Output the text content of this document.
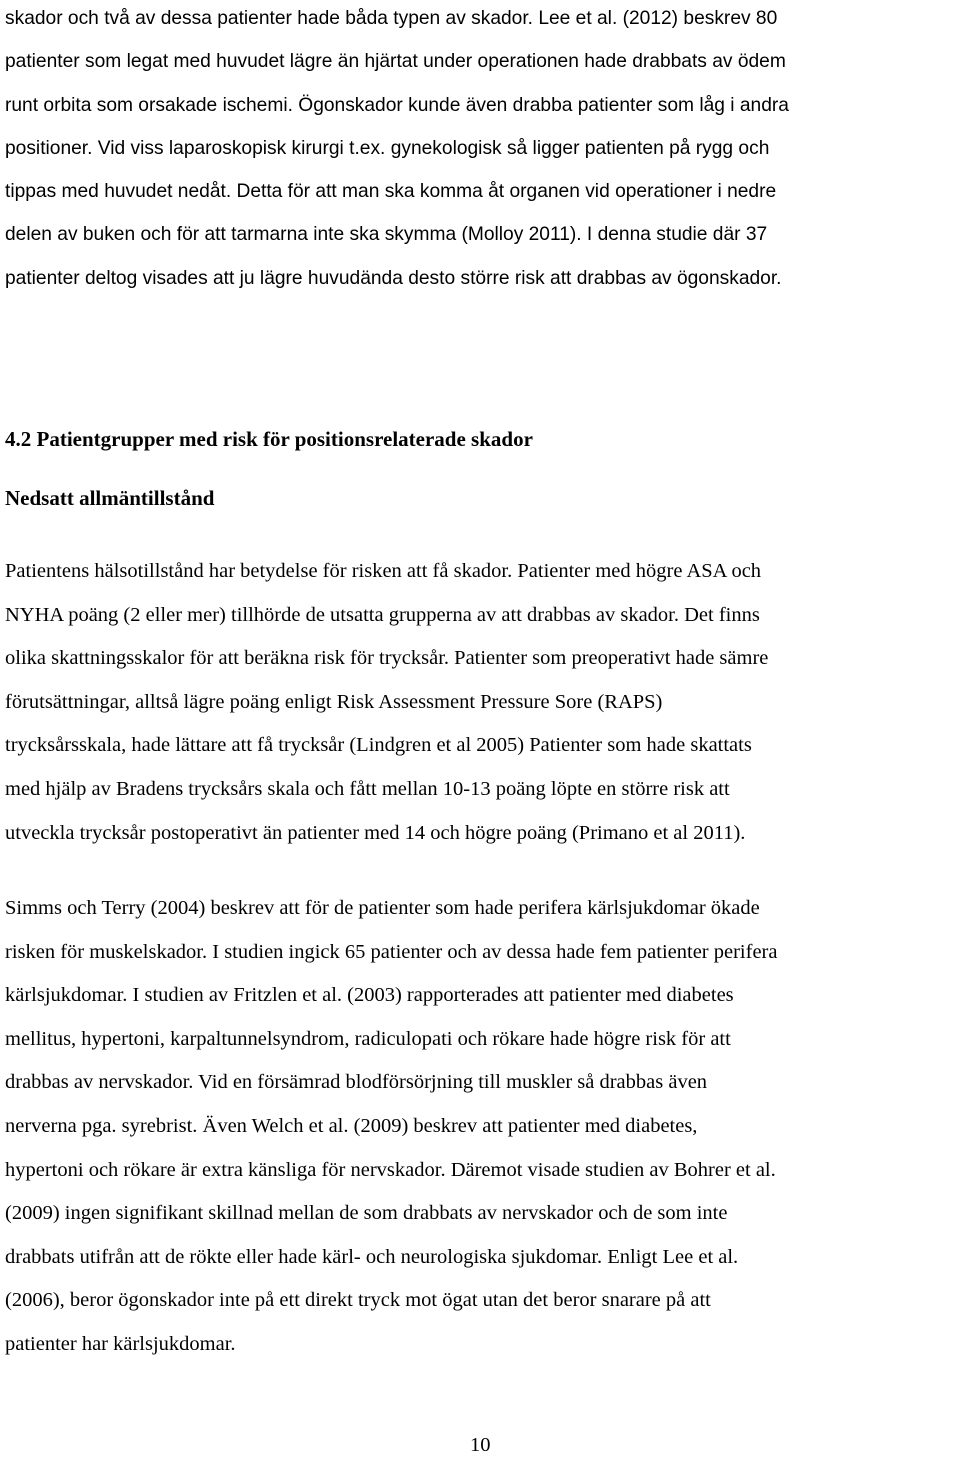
skador och två av dessa patienter hade båda typen av skador. Lee et al. (2012) beskrev 80
patienter som legat med huvudet lägre än hjärtat under operationen hade drabbats av ödem
runt orbita som orsakade ischemi. Ögonskador kunde även drabba patienter som låg i andra
positioner. Vid viss laparoskopisk kirurgi t.ex. gynekologisk så ligger patienten på rygg och
tippas med huvudet nedåt. Detta för att man ska komma åt organen vid operationer i nedre
delen av buken och för att tarmarna inte ska skymma (Molloy 2011). I denna studie där 37
patienter deltog visades att ju lägre huvudända desto större risk att drabbas av ögonskador.

4.2 Patientgrupper med risk för positionsrelaterade skador
Nedsatt allmäntillstånd

Patientens hälsotillstånd har betydelse för risken att få skador. Patienter med högre ASA och
NYHA poäng (2 eller mer) tillhörde de utsatta grupperna av att drabbas av skador. Det finns
olika skattningsskalor för att beräkna risk för trycksår. Patienter som preoperativt hade sämre
förutsättningar, alltså lägre poäng enligt Risk Assessment Pressure Sore (RAPS)
trycksårsskala, hade lättare att få trycksår (Lindgren et al 2005) Patienter som hade skattats
med hjälp av Bradens trycksårs skala och fått mellan 10-13 poäng löpte en större risk att
utveckla trycksår postoperativt än patienter med 14 och högre poäng (Primano et al 2011).

Simms och Terry (2004) beskrev att för de patienter som hade perifera kärlsjukdomar ökade
risken för muskelskador. I studien ingick 65 patienter och av dessa hade fem patienter perifera
kärlsjukdomar. I studien av Fritzlen et al. (2003) rapporterades att patienter med diabetes
mellitus, hypertoni, karpaltunnelsyndrom, radiculopati och rökare hade högre risk för att
drabbas av nervskador. Vid en försämrad blodförsörjning till muskler så drabbas även
nerverna pga. syrebrist. Även Welch et al. (2009) beskrev att patienter med diabetes,
hypertoni och rökare är extra känsliga för nervskador. Däremot visade studien av Bohrer et al.
(2009) ingen signifikant skillnad mellan de som drabbats av nervskador och de som inte
drabbats utifrån att de rökte eller hade kärl- och neurologiska sjukdomar. Enligt Lee et al.
(2006), beror ögonskador inte på ett direkt tryck mot ögat utan det beror snarare på att
patienter har kärlsjukdomar.

10
